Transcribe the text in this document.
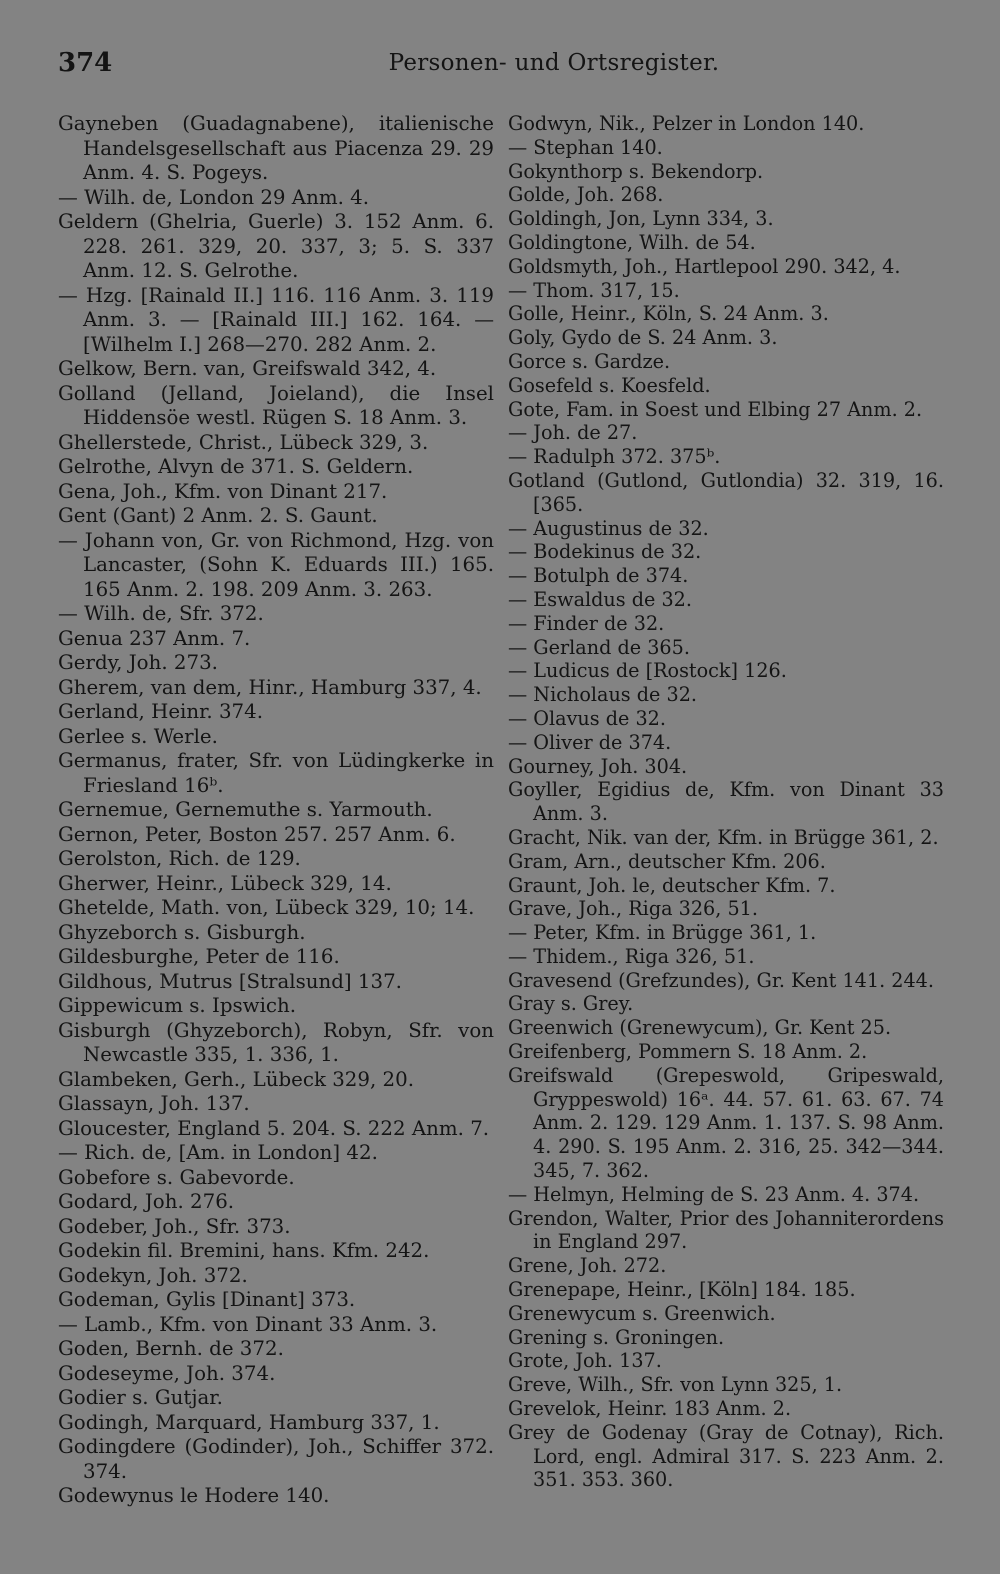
374	Personen- und Ortsregister.
Gayneben (Guadagnabene), italienische Handelsgesellschaft aus Piacenza 29. 29 Anm. 4. S. Pogeys.
— Wilh. de, London 29 Anm. 4.
Geldern (Ghelria, Guerle) 3. 152 Anm. 6. 228. 261. 329, 20. 337, 3; 5. S. 337 Anm. 12. S. Gelrothe.
— Hzg. [Rainald II.] 116. 116 Anm. 3. 119 Anm. 3. — [Rainald III.] 162. 164. — [Wilhelm I.] 268—270. 282 Anm. 2.
Gelkow, Bern. van, Greifswald 342, 4.
Golland (Jelland, Joieland), die Insel Hiddensöe westl. Rügen S. 18 Anm. 3.
Ghellerstede, Christ., Lübeck 329, 3.
Gelrothe, Alvyn de 371. S. Geldern.
Gena, Joh., Kfm. von Dinant 217.
Gent (Gant) 2 Anm. 2. S. Gaunt.
— Johann von, Gr. von Richmond, Hzg. von Lancaster, (Sohn K. Eduards III.) 165. 165 Anm. 2. 198. 209 Anm. 3. 263.
— Wilh. de, Sfr. 372.
Genua 237 Anm. 7.
Gerdy, Joh. 273.
Gherem, van dem, Hinr., Hamburg 337, 4.
Gerland, Heinr. 374.
Gerlee s. Werle.
Germanus, frater, Sfr. von Lüdingkerke in Friesland 16ᵇ.
Gernemue, Gernemuthe s. Yarmouth.
Gernon, Peter, Boston 257. 257 Anm. 6.
Gerolston, Rich. de 129.
Gherwer, Heinr., Lübeck 329, 14.
Ghetelde, Math. von, Lübeck 329, 10; 14.
Ghyzeborch s. Gisburgh.
Gildesburghe, Peter de 116.
Gildhous, Mutrus [Stralsund] 137.
Gippewicum s. Ipswich.
Gisburgh (Ghyzeborch), Robyn, Sfr. von Newcastle 335, 1. 336, 1.
Glambeken, Gerh., Lübeck 329, 20.
Glassayn, Joh. 137.
Gloucester, England 5. 204. S. 222 Anm. 7.
— Rich. de, [Am. in London] 42.
Gobefore s. Gabevorde.
Godard, Joh. 276.
Godeber, Joh., Sfr. 373.
Godekin fil. Bremini, hans. Kfm. 242.
Godekyn, Joh. 372.
Godeman, Gylis [Dinant] 373.
— Lamb., Kfm. von Dinant 33 Anm. 3.
Goden, Bernh. de 372.
Godeseyme, Joh. 374.
Godier s. Gutjar.
Godingh, Marquard, Hamburg 337, 1.
Godingdere (Godinder), Joh., Schiffer 372. 374.
Godewynus le Hodere 140.
Godwyn, Nik., Pelzer in London 140.
— Stephan 140.
Gokynthorp s. Bekendorp.
Golde, Joh. 268.
Goldingh, Jon, Lynn 334, 3.
Goldingtone, Wilh. de 54.
Goldsmyth, Joh., Hartlepool 290. 342, 4.
— Thom. 317, 15.
Golle, Heinr., Köln, S. 24 Anm. 3.
Goly, Gydo de S. 24 Anm. 3.
Gorce s. Gardze.
Gosefeld s. Koesfeld.
Gote, Fam. in Soest und Elbing 27 Anm. 2.
— Joh. de 27.
— Radulph 372. 375ᵇ.
Gotland (Gutlond, Gutlondia) 32. 319, 16. [365.
— Augustinus de 32.
— Bodekinus de 32.
— Botulph de 374.
— Eswaldus de 32.
— Finder de 32.
— Gerland de 365.
— Ludicus de [Rostock] 126.
— Nicholaus de 32.
— Olavus de 32.
— Oliver de 374.
Gourney, Joh. 304.
Goyller, Egidius de, Kfm. von Dinant 33 Anm. 3.
Gracht, Nik. van der, Kfm. in Brügge 361, 2.
Gram, Arn., deutscher Kfm. 206.
Graunt, Joh. le, deutscher Kfm. 7.
Grave, Joh., Riga 326, 51.
— Peter, Kfm. in Brügge 361, 1.
— Thidem., Riga 326, 51.
Gravesend (Grefzundes), Gr. Kent 141. 244.
Gray s. Grey.
Greenwich (Grenewycum), Gr. Kent 25.
Greifenberg, Pommern S. 18 Anm. 2.
Greifswald (Grepeswold, Gripeswald, Gryppeswold) 16ᵃ. 44. 57. 61. 63. 67. 74 Anm. 2. 129. 129 Anm. 1. 137. S. 98 Anm. 4. 290. S. 195 Anm. 2. 316, 25. 342—344. 345, 7. 362.
— Helmyn, Helming de S. 23 Anm. 4. 374.
Grendon, Walter, Prior des Johanniterordens in England 297.
Grene, Joh. 272.
Grenepape, Heinr., [Köln] 184. 185.
Grenewycum s. Greenwich.
Grening s. Groningen.
Grote, Joh. 137.
Greve, Wilh., Sfr. von Lynn 325, 1.
Grevelok, Heinr. 183 Anm. 2.
Grey de Godenay (Gray de Cotnay), Rich. Lord, engl. Admiral 317. S. 223 Anm. 2. 351. 353. 360.
